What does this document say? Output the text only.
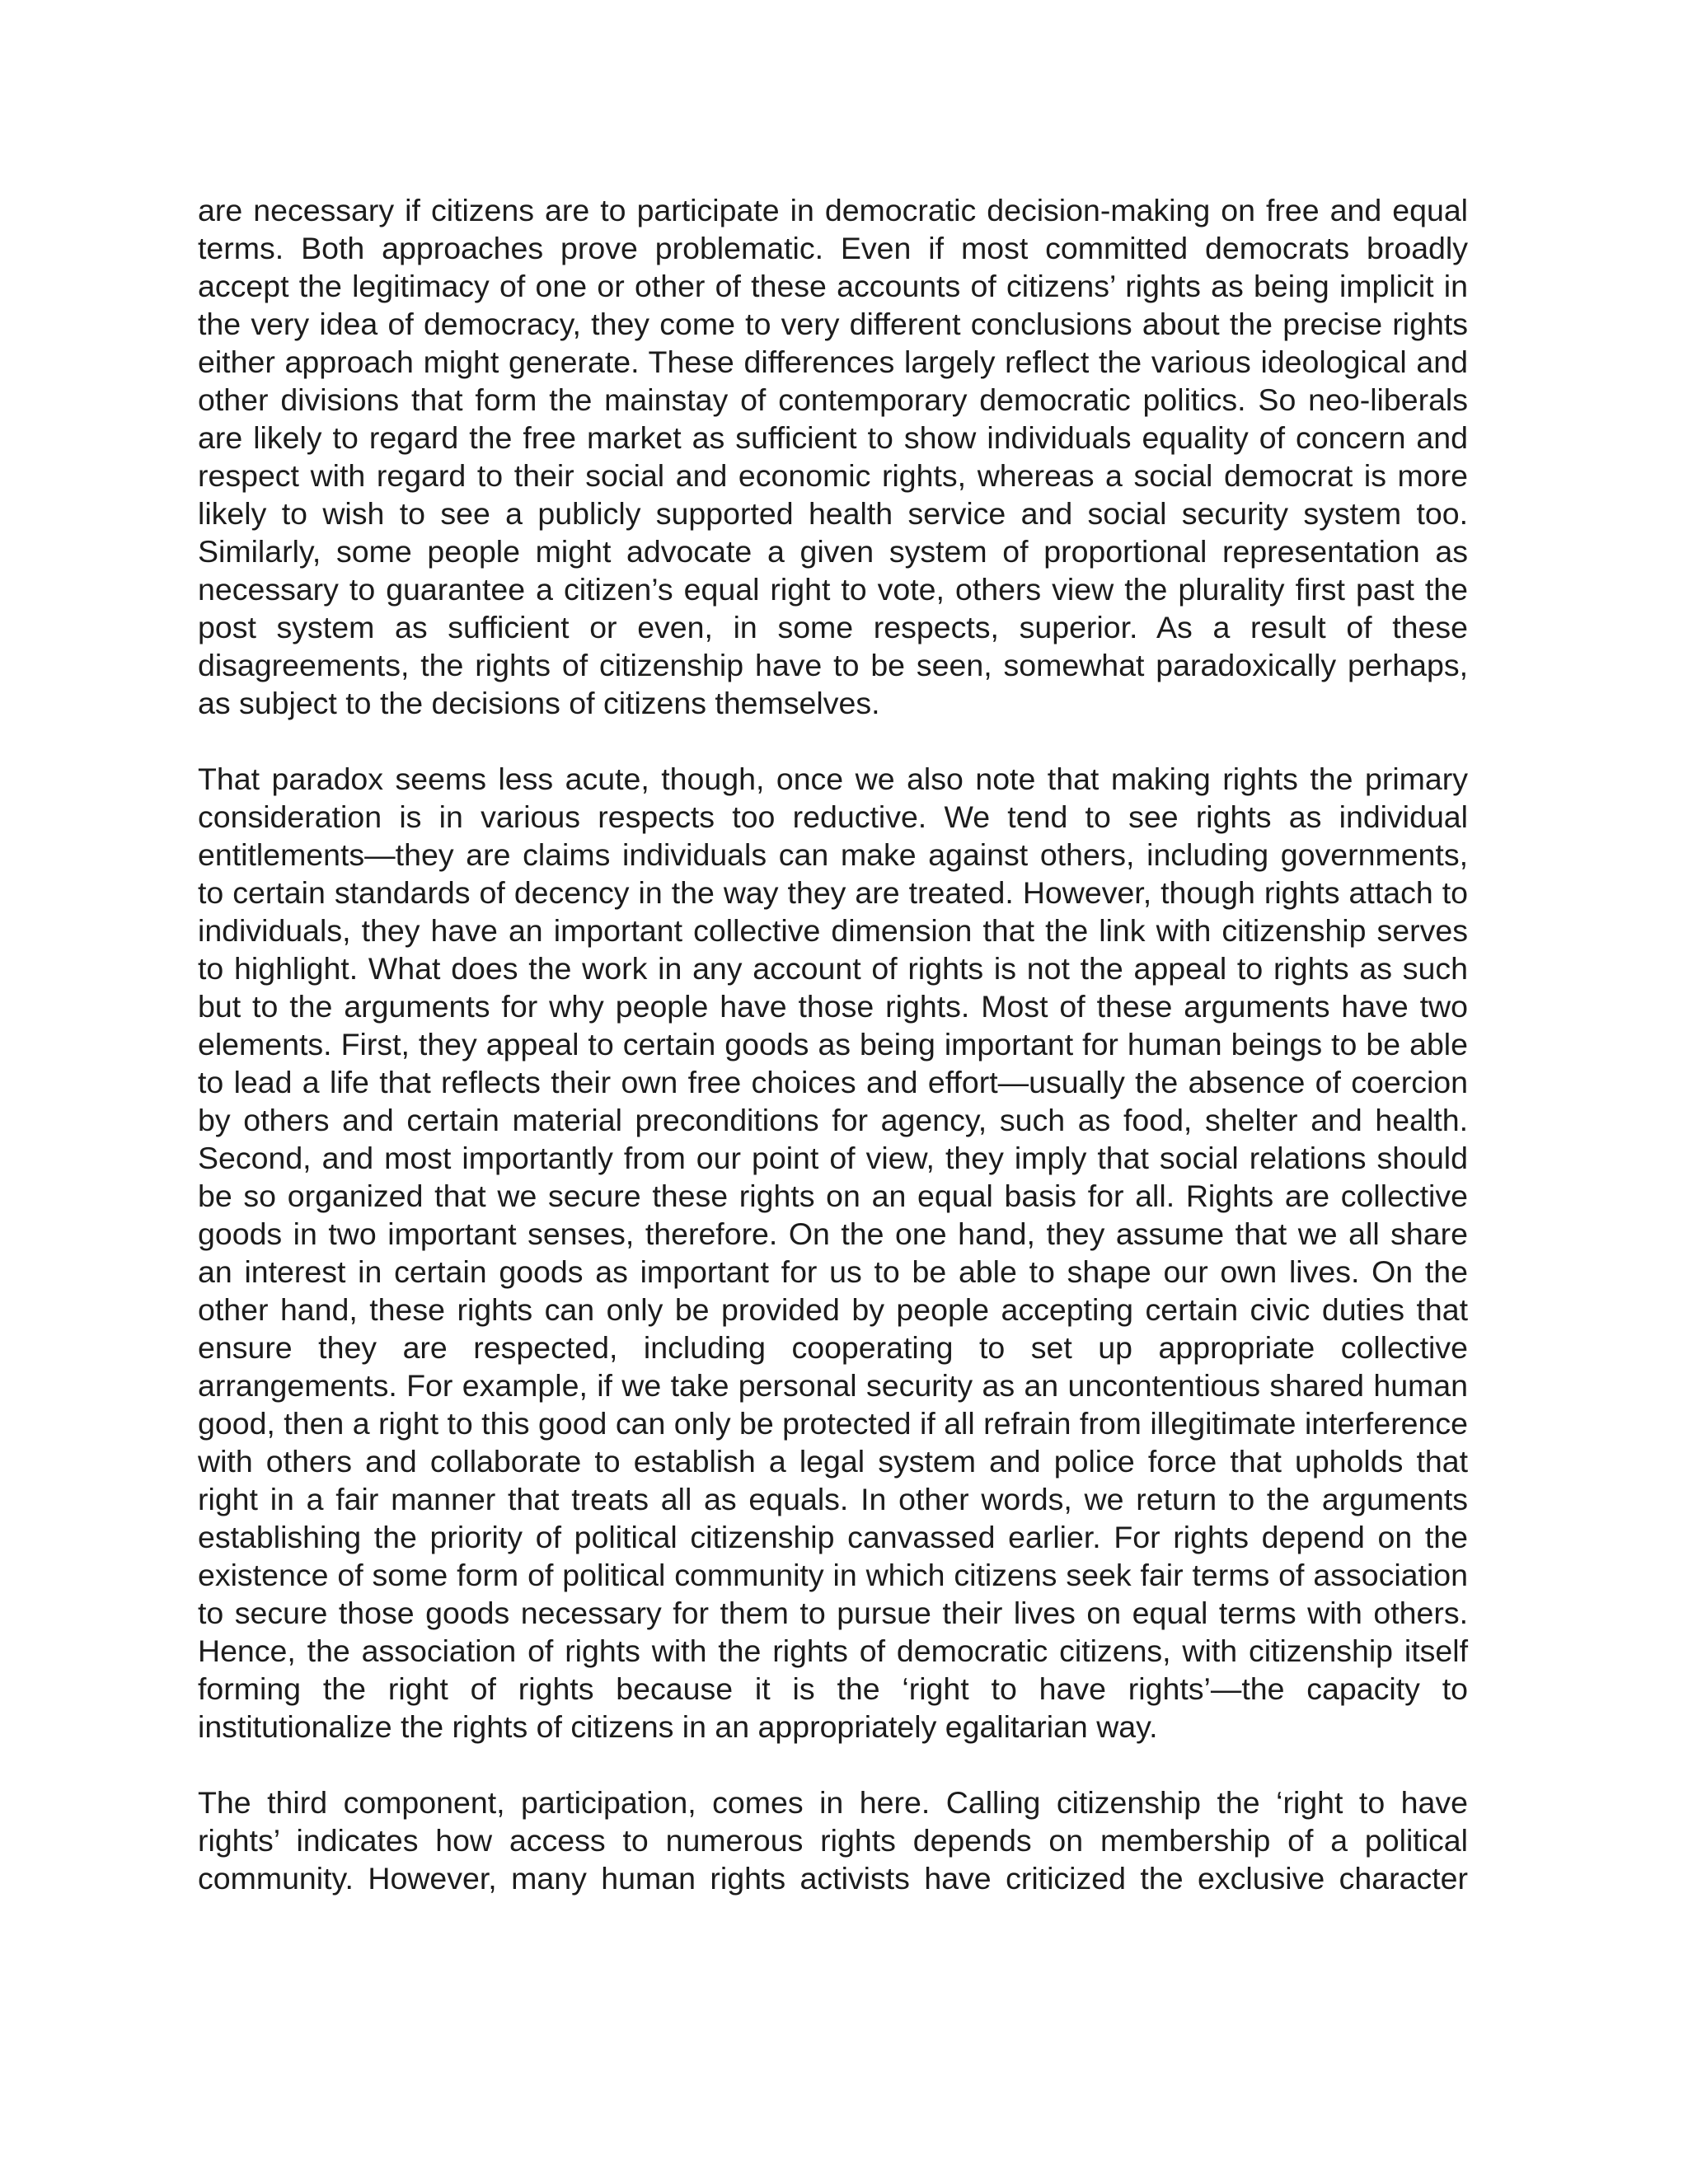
are necessary if citizens are to participate in democratic decision-making on free and equal terms. Both approaches prove problematic. Even if most committed democrats broadly accept the legitimacy of one or other of these accounts of citizens’ rights as being implicit in the very idea of democracy, they come to very different conclusions about the precise rights either approach might generate. These differences largely reflect the various ideological and other divisions that form the mainstay of contemporary democratic politics. So neo-liberals are likely to regard the free market as sufficient to show individuals equality of concern and respect with regard to their social and economic rights, whereas a social democrat is more likely to wish to see a publicly supported health service and social security system too. Similarly, some people might advocate a given system of proportional representation as necessary to guarantee a citizen’s equal right to vote, others view the plurality first past the post system as sufficient or even, in some respects, superior. As a result of these disagreements, the rights of citizenship have to be seen, somewhat paradoxically perhaps, as subject to the decisions of citizens themselves.

That paradox seems less acute, though, once we also note that making rights the primary consideration is in various respects too reductive. We tend to see rights as individual entitlements—they are claims individuals can make against others, including governments, to certain standards of decency in the way they are treated. However, though rights attach to individuals, they have an important collective dimension that the link with citizenship serves to highlight. What does the work in any account of rights is not the appeal to rights as such but to the arguments for why people have those rights. Most of these arguments have two elements. First, they appeal to certain goods as being important for human beings to be able to lead a life that reflects their own free choices and effort—usually the absence of coercion by others and certain material preconditions for agency, such as food, shelter and health. Second, and most importantly from our point of view, they imply that social relations should be so organized that we secure these rights on an equal basis for all. Rights are collective goods in two important senses, therefore. On the one hand, they assume that we all share an interest in certain goods as important for us to be able to shape our own lives. On the other hand, these rights can only be provided by people accepting certain civic duties that ensure they are respected, including cooperating to set up appropriate collective arrangements. For example, if we take personal security as an uncontentious shared human good, then a right to this good can only be protected if all refrain from illegitimate interference with others and collaborate to establish a legal system and police force that upholds that right in a fair manner that treats all as equals. In other words, we return to the arguments establishing the priority of political citizenship canvassed earlier. For rights depend on the existence of some form of political community in which citizens seek fair terms of association to secure those goods necessary for them to pursue their lives on equal terms with others. Hence, the association of rights with the rights of democratic citizens, with citizenship itself forming the right of rights because it is the ‘right to have rights’—the capacity to institutionalize the rights of citizens in an appropriately egalitarian way.

The third component, participation, comes in here. Calling citizenship the ‘right to have rights’ indicates how access to numerous rights depends on membership of a political community. However, many human rights activists have criticized the exclusive character
